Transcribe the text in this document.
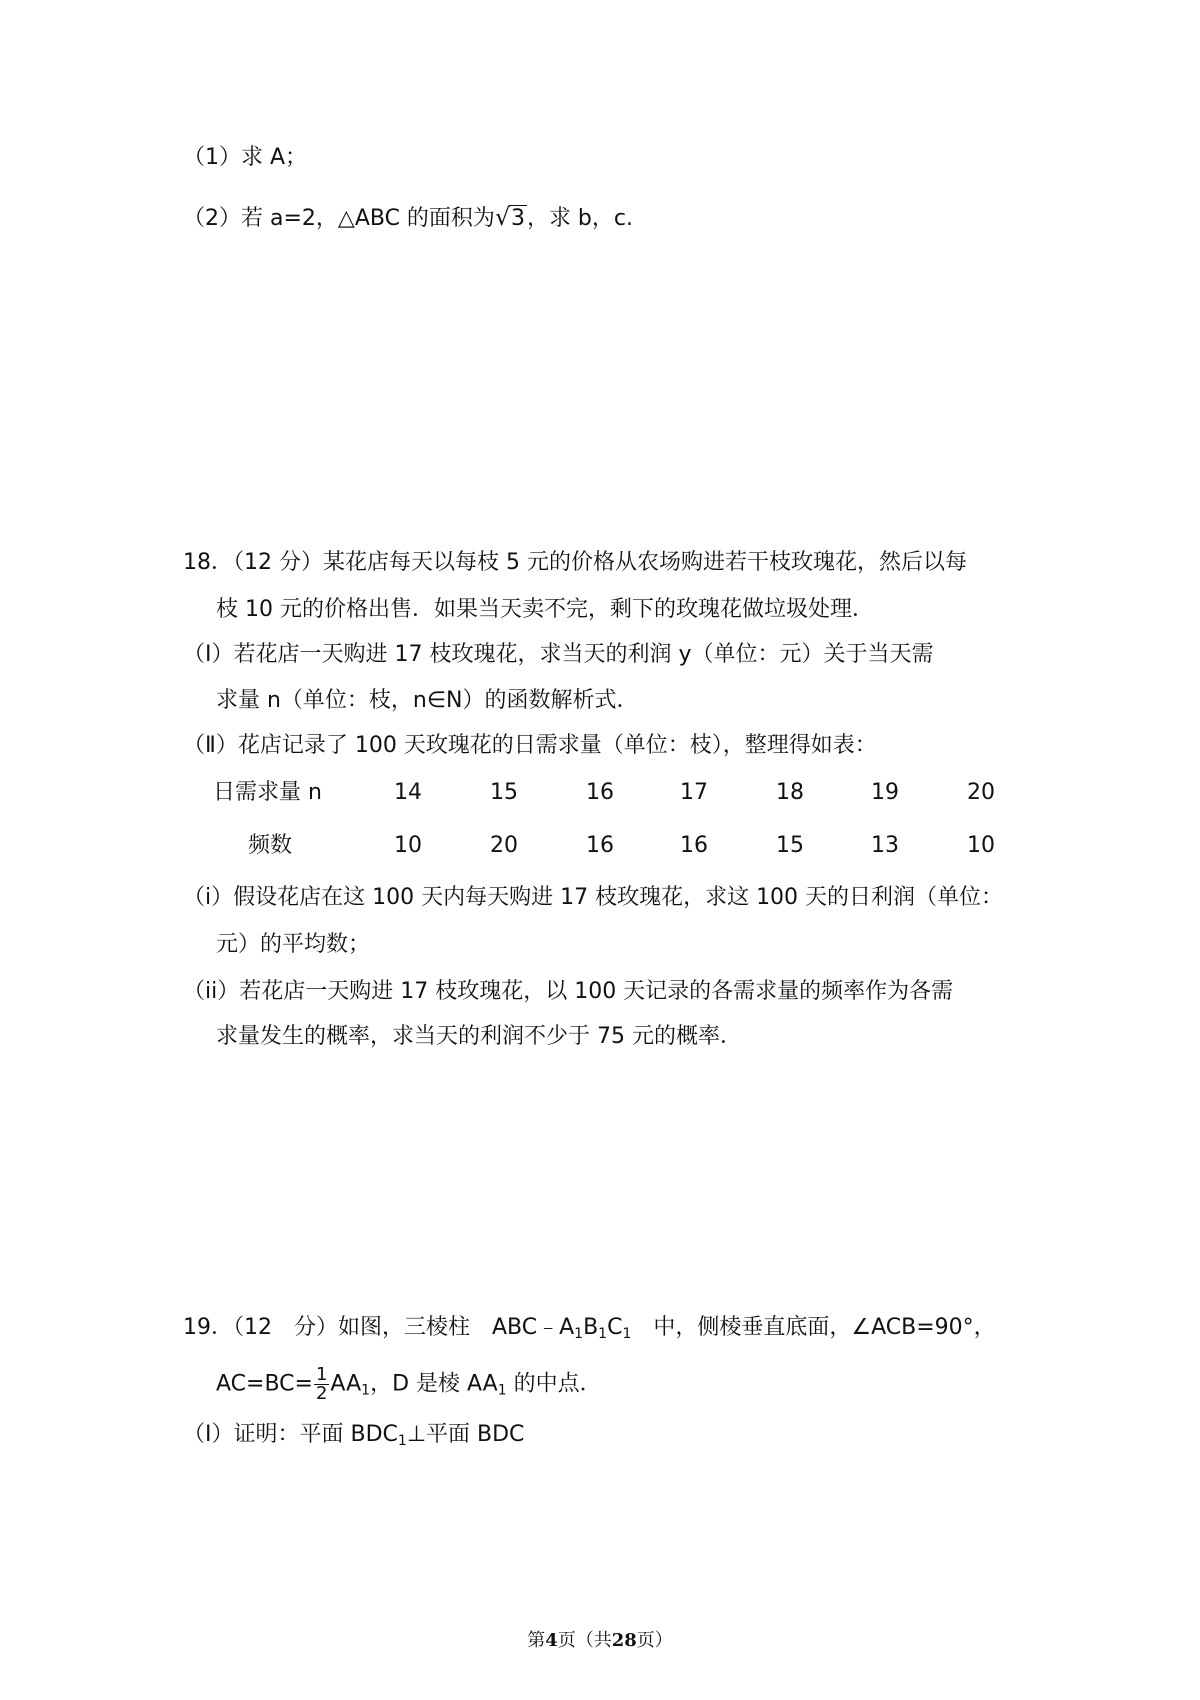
（1）求 A；
（2）若 a=2，△ABC 的面积为 √ 3，求 b，c.
18．（12 分）某花店每天以每枝 5 元的价格从农场购进若干枝玫瑰花，然后以每
枝 10 元的价格出售．如果当天卖不完，剩下的玫瑰花做垃圾处理．
（Ⅰ）若花店一天购进 17 枝玫瑰花，求当天的利润 y（单位：元）关于当天需
求量 n（单位：枝，n∈N）的函数解析式．
（Ⅱ）花店记录了 100 天玫瑰花的日需求量（单位：枝），整理得如表：
日需求量 n	14	15	16	17	18	19	20
频数	10	20	16	16	15	13	10
（i）假设花店在这 100 天内每天购进 17 枝玫瑰花，求这 100 天的日利润（单位：
元）的平均数；
（ii）若花店一天购进 17 枝玫瑰花，以 100 天记录的各需求量的频率作为各需
求量发生的概率，求当天的利润不少于 75 元的概率．
19．（12　分）如图，三棱柱　$ABC﹣A_1B_1C_1$　中，侧棱垂直底面，∠ACB=90°，
$AC=BC= \frac{1}{2} AA_1$，D 是棱 $AA_1$ 的中点．
（Ⅰ）证明：平面 $BDC_1\perp$平面 BDC
第4页（共28页）
